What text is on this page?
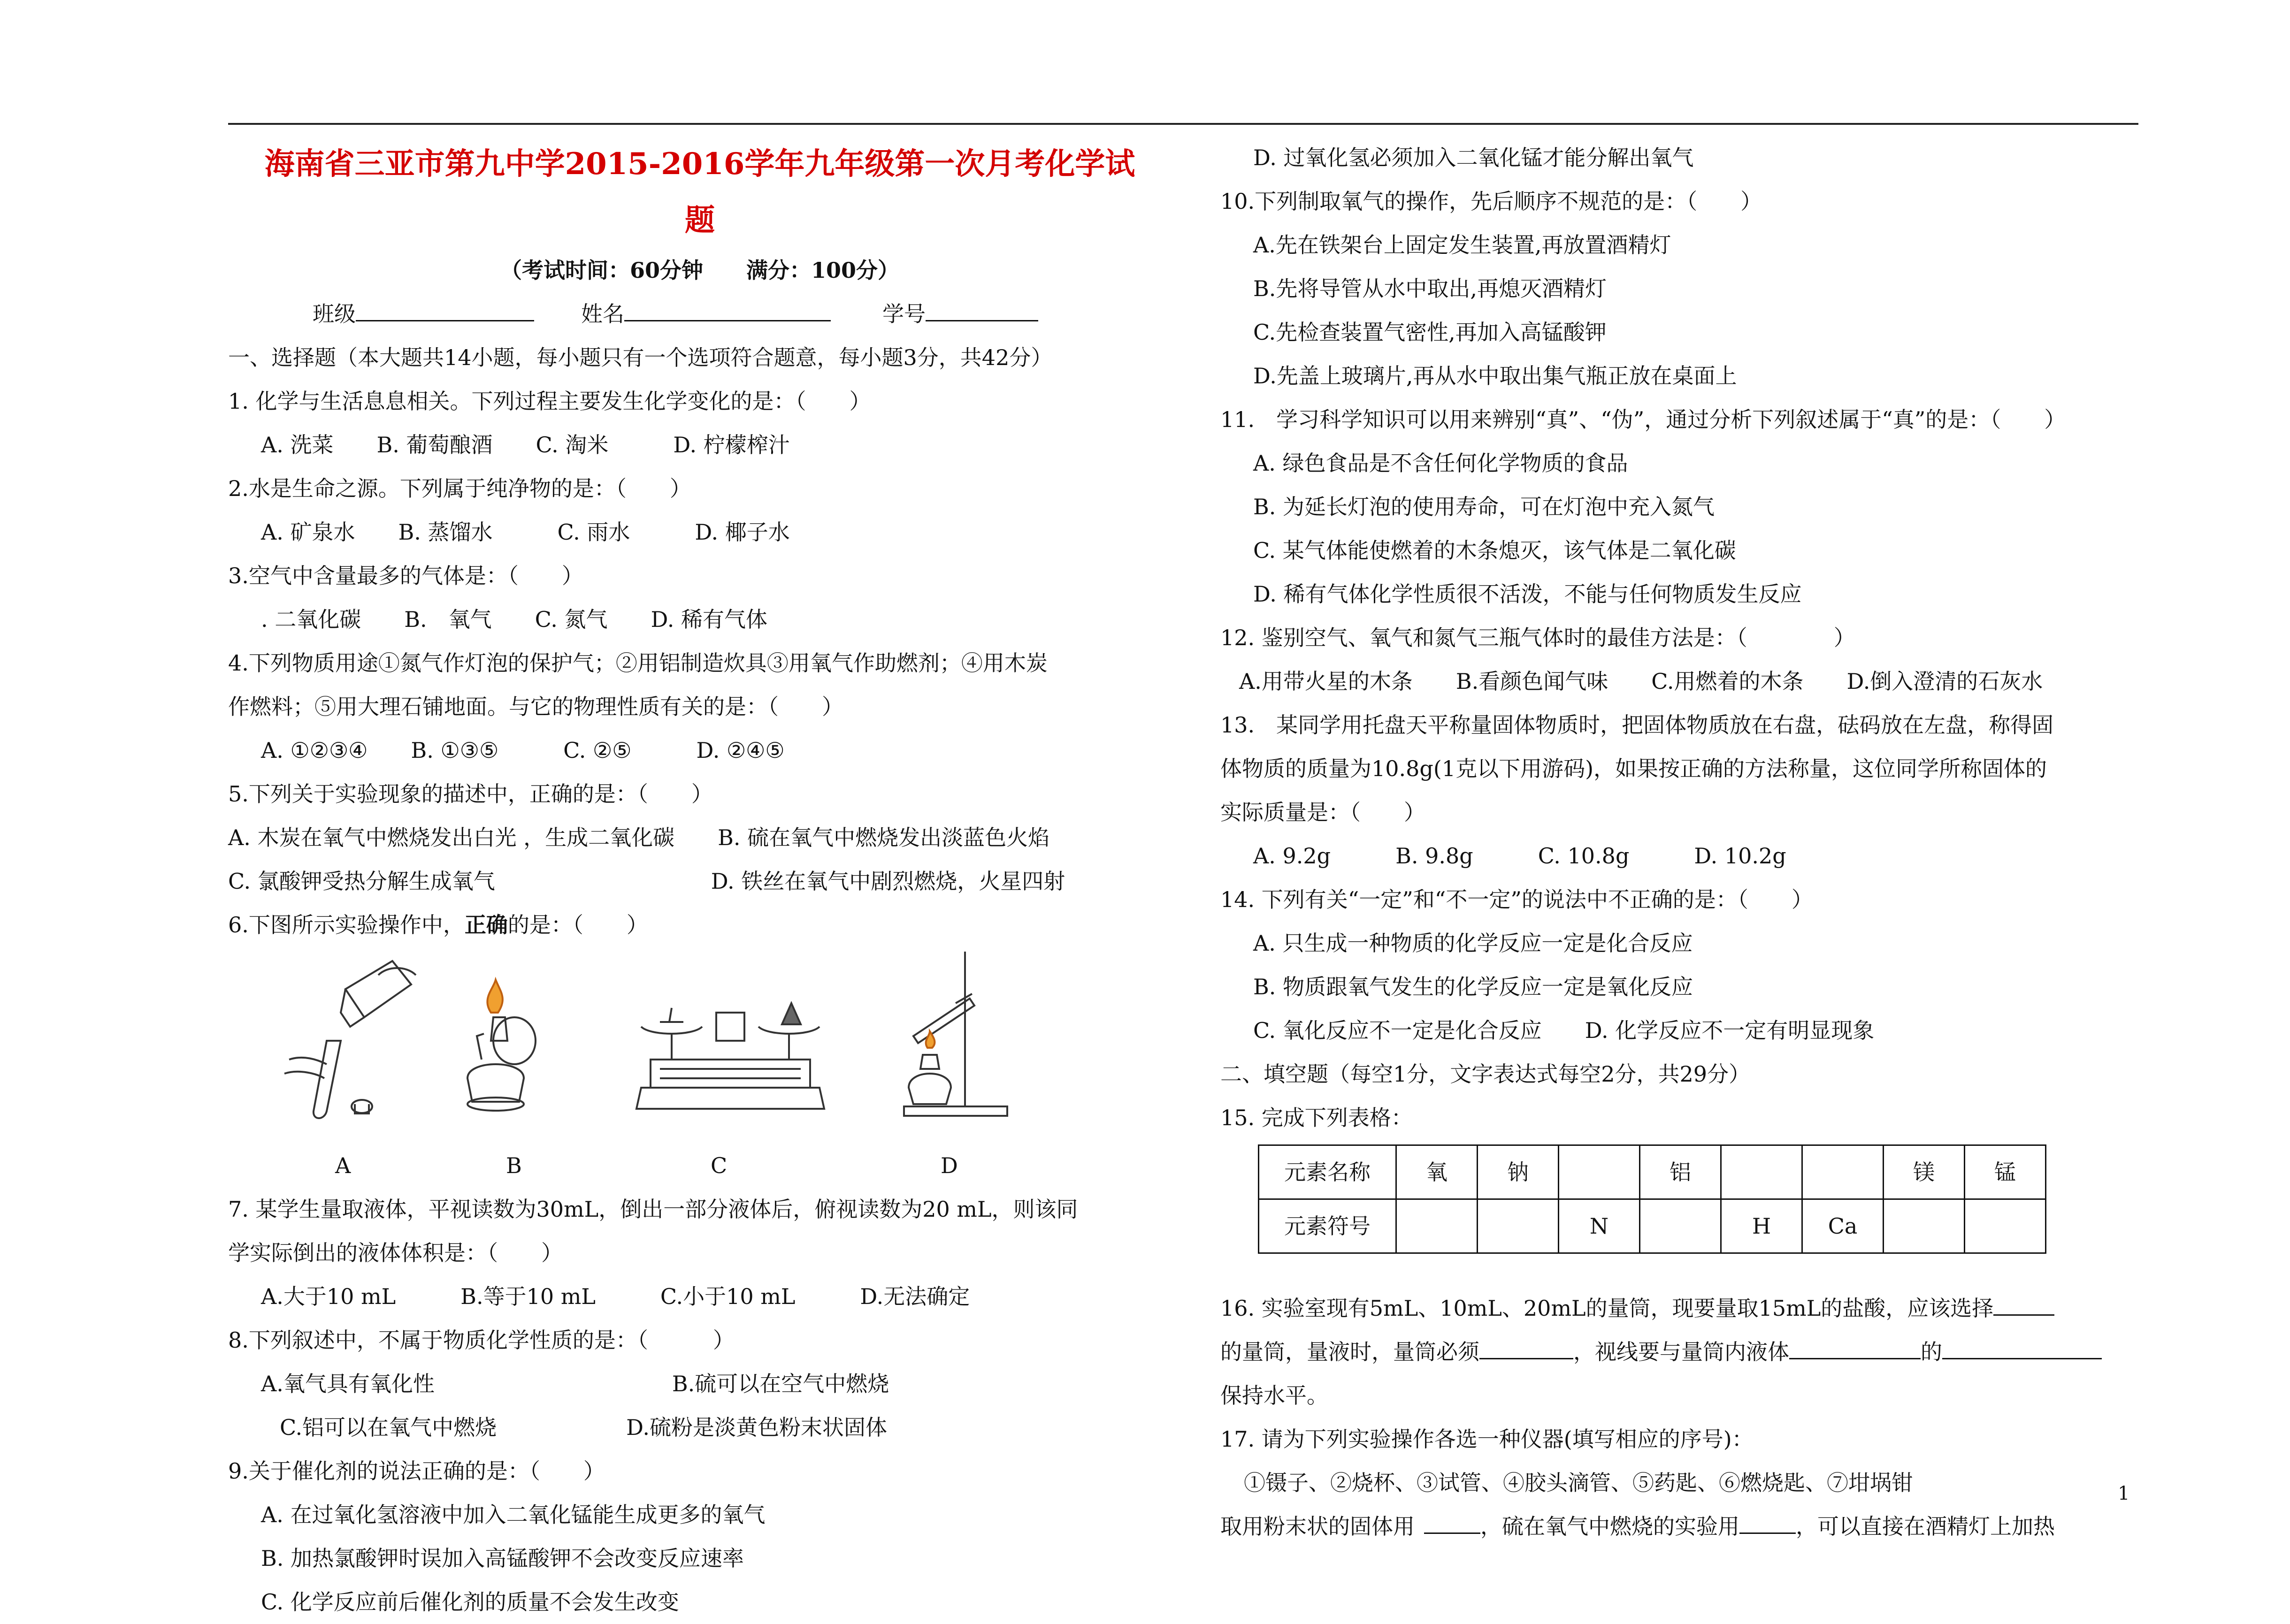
海南省三亚市第九中学2015-2016学年九年级第一次月考化学试
题
（考试时间：60分钟　　满分：100分）
班级	姓名	学号
一、选择题（本大题共14小题，每小题只有一个选项符合题意，每小题3分，共42分）
1. 化学与生活息息相关。下列过程主要发生化学变化的是：（　　）
A. 洗菜　　B. 葡萄酿酒　　C. 淘米　　　D. 柠檬榨汁
2.水是生命之源。下列属于纯净物的是：（　　）
A. 矿泉水　　B. 蒸馏水　　　C. 雨水　　　D. 椰子水
3.空气中含量最多的气体是：（　　）
. 二氧化碳　　B.　氧气　　C. 氮气　　D. 稀有气体
4.下列物质用途①氮气作灯泡的保护气；②用铝制造炊具③用氧气作助燃剂；④用木炭
作燃料；⑤用大理石铺地面。与它的物理性质有关的是：（　　）
A. ①②③④　　B. ①③⑤　　　C. ②⑤　　　D. ②④⑤
5.下列关于实验现象的描述中，正确的是：（　　）
A. 木炭在氧气中燃烧发出白光 ，生成二氧化碳　　B. 硫在氧气中燃烧发出淡蓝色火焰
C. 氯酸钾受热分解生成氧气　　　　　　　　　　D. 铁丝在氧气中剧烈燃烧，火星四射
6.下图所示实验操作中，正确的是：（　　）
A	B	C	D
7. 某学生量取液体，平视读数为30mL，倒出一部分液体后，俯视读数为20 mL，则该同
学实际倒出的液体体积是：（　　）
A.大于10 mL　　　B.等于10 mL　　　C.小于10 mL　　　D.无法确定
8.下列叙述中，不属于物质化学性质的是：（　　　）
A.氧气具有氧化性　　　　　　　　　　　B.硫可以在空气中燃烧
C.铝可以在氧气中燃烧　　　　　　D.硫粉是淡黄色粉末状固体
9.关于催化剂的说法正确的是：（　　）
A. 在过氧化氢溶液中加入二氧化锰能生成更多的氧气
B. 加热氯酸钾时误加入高锰酸钾不会改变反应速率
C. 化学反应前后催化剂的质量不会发生改变
D. 过氧化氢必须加入二氧化锰才能分解出氧气
10.下列制取氧气的操作，先后顺序不规范的是：（　　）
A.先在铁架台上固定发生装置,再放置酒精灯
B.先将导管从水中取出,再熄灭酒精灯
C.先检查装置气密性,再加入高锰酸钾
D.先盖上玻璃片,再从水中取出集气瓶正放在桌面上
11.　学习科学知识可以用来辨别“真”、“伪”，通过分析下列叙述属于“真”的是：（　　）
A. 绿色食品是不含任何化学物质的食品
B. 为延长灯泡的使用寿命，可在灯泡中充入氮气
C. 某气体能使燃着的木条熄灭，该气体是二氧化碳
D. 稀有气体化学性质很不活泼，不能与任何物质发生反应
12. 鉴别空气、氧气和氮气三瓶气体时的最佳方法是：（　　　　）
A.用带火星的木条　　B.看颜色闻气味　　C.用燃着的木条　　D.倒入澄清的石灰水
13.　某同学用托盘天平称量固体物质时，把固体物质放在右盘，砝码放在左盘，称得固
体物质的质量为10.8g(1克以下用游码)，如果按正确的方法称量，这位同学所称固体的
实际质量是：（　　）
A. 9.2g　　　B. 9.8g　　　C. 10.8g　　　D. 10.2g
14. 下列有关“一定”和“不一定”的说法中不正确的是：（　　）
A. 只生成一种物质的化学反应一定是化合反应
B. 物质跟氧气发生的化学反应一定是氧化反应
C. 氧化反应不一定是化合反应　　D. 化学反应不一定有明显现象
二、填空题（每空1分，文字表达式每空2分，共29分）
15. 完成下列表格：
元素名称	氧	钠		铝			镁	锰
元素符号			N		H	Ca		
16. 实验室现有5mL、10mL、20mL的量筒，现要量取15mL的盐酸，应该选择
的量筒，量液时，量筒必须	，视线要与量筒内液体	的
保持水平。
17. 请为下列实验操作各选一种仪器(填写相应的序号)：
①镊子、②烧杯、③试管、④胶头滴管、⑤药匙、⑥燃烧匙、⑦坩埚钳
取用粉末状的固体用	，硫在氧气中燃烧的实验用	，可以直接在酒精灯上加热
1
